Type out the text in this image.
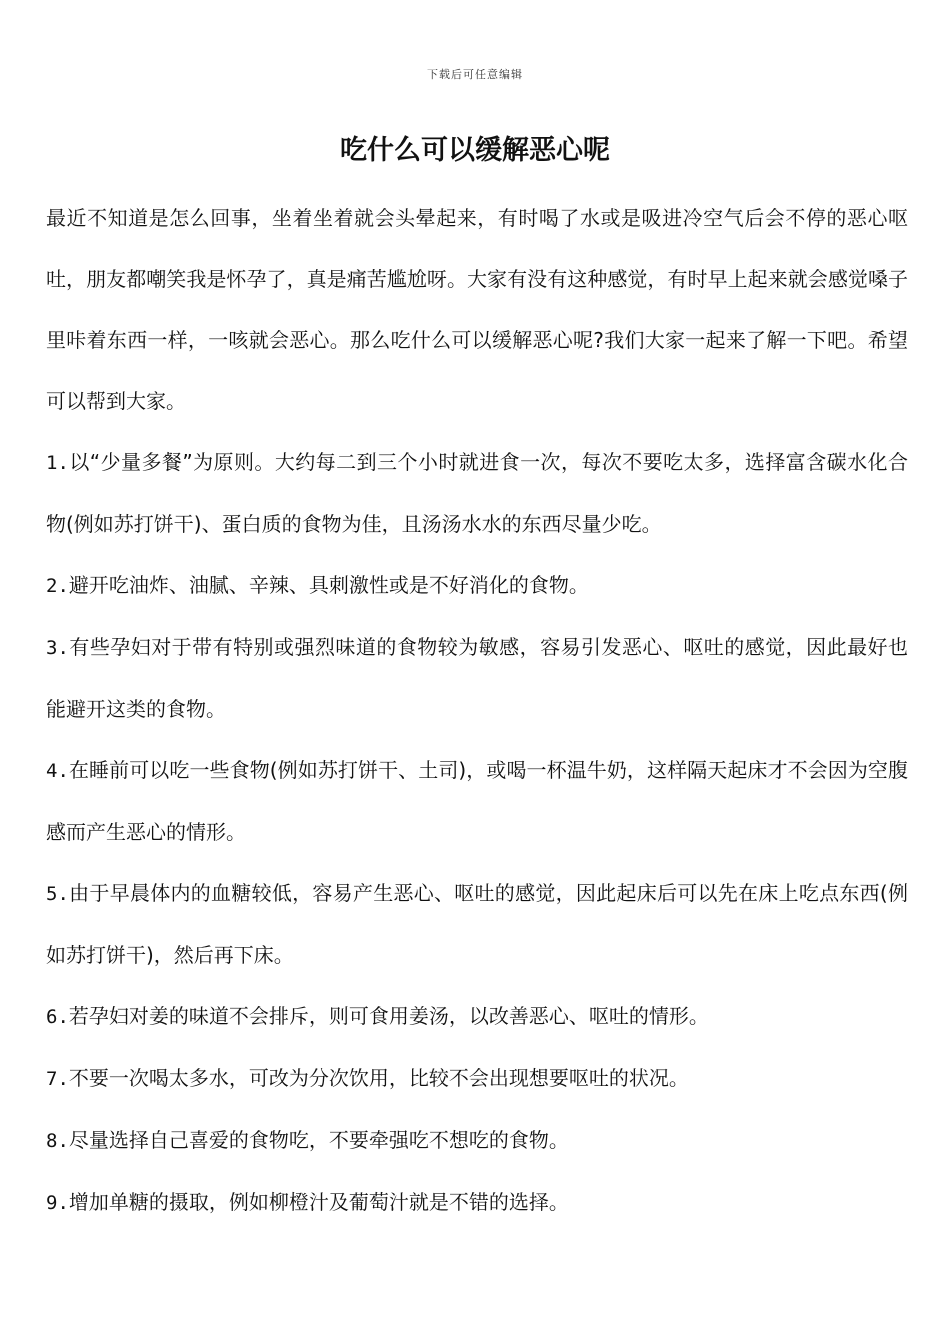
下载后可任意编辑
吃什么可以缓解恶心呢

最近不知道是怎么回事，坐着坐着就会头晕起来，有时喝了水或是吸进冷空气后会不停的恶心呕吐，朋友都嘲笑我是怀孕了，真是痛苦尴尬呀。大家有没有这种感觉，有时早上起来就会感觉嗓子里咔着东西一样，一咳就会恶心。那么吃什么可以缓解恶心呢?我们大家一起来了解一下吧。希望可以帮到大家。

1.以“少量多餐”为原则。大约每二到三个小时就进食一次，每次不要吃太多，选择富含碳水化合物(例如苏打饼干)、蛋白质的食物为佳，且汤汤水水的东西尽量少吃。

2.避开吃油炸、油腻、辛辣、具刺激性或是不好消化的食物。

3.有些孕妇对于带有特别或强烈味道的食物较为敏感，容易引发恶心、呕吐的感觉，因此最好也能避开这类的食物。

4.在睡前可以吃一些食物(例如苏打饼干、土司)，或喝一杯温牛奶，这样隔天起床才不会因为空腹感而产生恶心的情形。

5.由于早晨体内的血糖较低，容易产生恶心、呕吐的感觉，因此起床后可以先在床上吃点东西(例如苏打饼干)，然后再下床。

6.若孕妇对姜的味道不会排斥，则可食用姜汤，以改善恶心、呕吐的情形。

7.不要一次喝太多水，可改为分次饮用，比较不会出现想要呕吐的状况。

8.尽量选择自己喜爱的食物吃，不要牵强吃不想吃的食物。

9.增加单糖的摄取，例如柳橙汁及葡萄汁就是不错的选择。
